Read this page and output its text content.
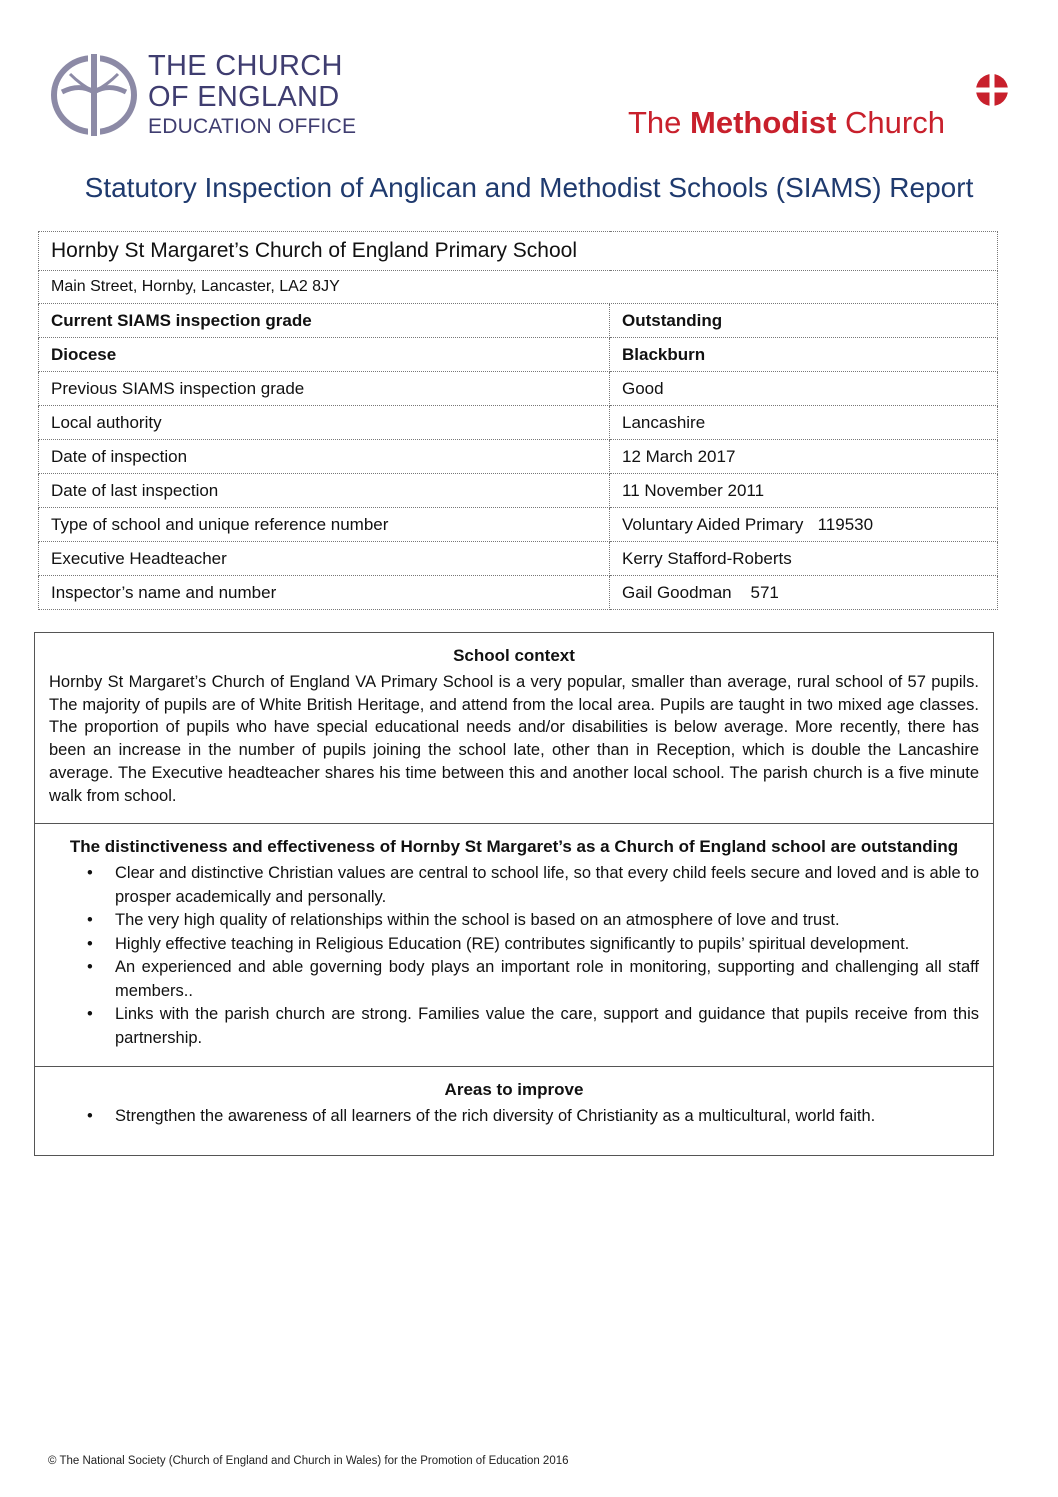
THE CHURCH
OF ENGLAND
EDUCATION OFFICE	The Methodist Church
Statutory Inspection of Anglican and Methodist Schools (SIAMS) Report
Hornby St Margaret’s Church of England Primary School	
Main Street, Hornby, Lancaster, LA2 8JY	
Current SIAMS inspection grade	Outstanding
Diocese	Blackburn
Previous SIAMS inspection grade	Good
Local authority	Lancashire
Date of inspection	12 March 2017
Date of last inspection	11 November 2011
Type of school and unique reference number	Voluntary Aided Primary   119530
Executive Headteacher	Kerry Stafford-Roberts
Inspector’s name and number	Gail Goodman    571
School context

Hornby St Margaret’s Church of England VA Primary School is a very popular, smaller than average, rural school of 57 pupils. The majority of pupils are of White British Heritage, and attend from the local area. Pupils are taught in two mixed age classes. The proportion of pupils who have special educational needs and/or disabilities is below average. More recently, there has been an increase in the number of pupils joining the school late, other than in Reception, which is double the Lancashire average. The Executive headteacher shares his time between this and another local school. The parish church is a five minute walk from school.

The distinctiveness and effectiveness of Hornby St Margaret’s as a Church of England school are outstanding
• Clear and distinctive Christian values are central to school life, so that every child feels secure and loved and is able to prosper academically and personally.
• The very high quality of relationships within the school is based on an atmosphere of love and trust.
• Highly effective teaching in Religious Education (RE) contributes significantly to pupils’ spiritual development.
• An experienced and able governing body plays an important role in monitoring, supporting and challenging all staff members..
• Links with the parish church are strong. Families value the care, support and guidance that pupils receive from this partnership.
Areas to improve
• Strengthen the awareness of all learners of the rich diversity of Christianity as a multicultural, world faith.
© The National Society (Church of England and Church in Wales) for the Promotion of Education 2016
